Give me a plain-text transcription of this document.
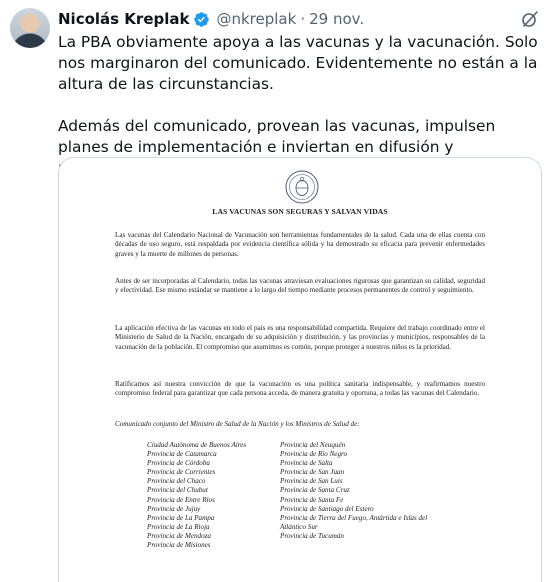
Nicolás Kreplak @nkreplak · 29 nov.

La PBA obviamente apoya a las vacunas y la vacunación. Solo nos marginaron del comunicado. Evidentemente no están a la altura de las circunstancias.

Además del comunicado, provean las vacunas, impulsen planes de implementación e inviertan en difusión y

LAS VACUNAS SON SEGURAS Y SALVAN VIDAS
Las vacunas del Calendario Nacional de Vacunación son herramientas fundamentales de la salud. Cada una de ellas cuenta con décadas de uso seguro, está respaldada por evidencia científica sólida y ha demostrado su eficacia para prevenir enfermedades graves y la muerte de millones de personas.
Antes de ser incorporadas al Calendario, todas las vacunas atraviesan evaluaciones rigurosas que garantizan su calidad, seguridad y efectividad. Ese mismo estándar se mantiene a lo largo del tiempo mediante procesos permanentes de control y seguimiento.
La aplicación efectiva de las vacunas en todo el país es una responsabilidad compartida. Requiere del trabajo coordinado entre el Ministerio de Salud de la Nación, encargado de su adquisición y distribución, y las provincias y municipios, responsables de la vacunación de la población. El compromiso que asumimos es común, porque proteger a nuestros niños es la prioridad.
Ratificamos así nuestra convicción de que la vacunación es una política sanitaria indispensable, y reafirmamos nuestro compromiso federal para garantizar que cada persona acceda, de manera gratuita y oportuna, a todas las vacunas del Calendario.
Comunicado conjunto del Ministro de Salud de la Nación y los Ministros de Salud de:
Ciudad Autónoma de Buenos Aires
Provincia de Catamarca
Provincia de Córdoba
Provincia de Corrientes
Provincia del Chaco
Provincia del Chubut
Provincia de Entre Ríos
Provincia de Jujuy
Provincia de La Pampa
Provincia de La Rioja
Provincia de Mendoza
Provincia de Misiones
Provincia del Neuquén
Provincia de Río Negro
Provincia de Salta
Provincia de San Juan
Provincia de San Luis
Provincia de Santa Cruz
Provincia de Santa Fe
Provincia de Santiago del Estero
Provincia de Tierra del Fuego, Antártida e Islas del Atlántico Sur
Provincia de Tucumán
